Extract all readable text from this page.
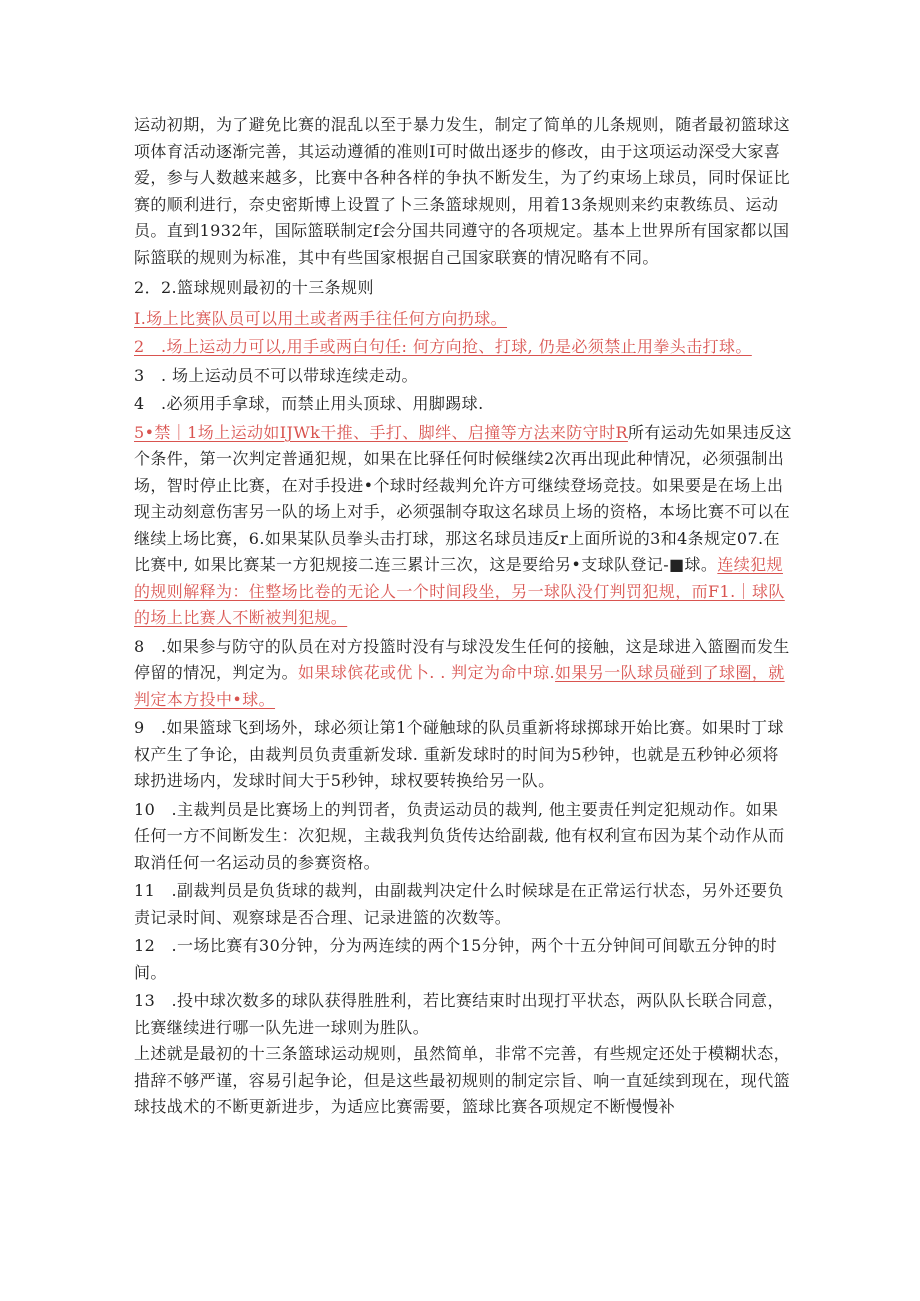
运动初期，为了避免比赛的混乱以至于暴力发生，制定了简单的儿条规则，随者最初篮球这项体育活动逐渐完善，其运动遵循的准则I可时做出逐步的修改，由于这项运动深受大家喜爱，参与人数越来越多，比赛中各种各样的争执不断发生，为了约束场上球员，同时保证比赛的顺利进行，奈史密斯博上设置了卜三条篮球规则，用着13条规则来约束教练员、运动员。直到1932年，国际篮联制定f会分国共同遵守的各项规定。基本上世界所有国家都以国际篮联的规则为标准，其中有些国家根据自己国家联赛的情况略有不同。

2．2.篮球规则最初的十三条规则

I.场上比赛队员可以用土或者两手往任何方向扔球。

2　.场上运动力可以,用手或两白句任: 何方向抢、打球, 仍是必须禁止用拳头击打球。

3　. 场上运动员不可以带球连续走动。

4　.必须用手拿球，而禁止用头顶球、用脚踢球.

5•禁｜1场上运动如IJWk干推、手打、脚绊、启撞等方法来防守时R所有运动先如果违反这个条件，第一次判定普通犯规，如果在比驿任何时候继续2次再出现此种情况，必须强制出场，智时停止比赛，在对手投进•个球时经裁判允许方可继续登场竞技。如果要是在场上出现主动刻意伤害另一队的场上对手，必须强制夺取这名球员上场的资格，本场比赛不可以在继续上场比赛，6.如果某队员拳头击打球，那这名球员违反r上面所说的3和4条规定07.在比赛中, 如果比赛某一方犯规接二连三累计三次，这是要给另•支球队登记-■球。连续犯规的规则解释为：住整场比卷的无论人一个时间段坐，另一球队没仃判罚犯规，而F1.｜球队的场上比赛人不断被判犯规。

8　.如果参与防守的队员在对方投篮时没有与球没发生任何的接触，这是球进入篮圈而发生停留的情况，判定为。如果球傧花或优卜. . 判定为命中琼.如果另一队球员碰到了球圈，就判定本方投中•球。

9　.如果篮球飞到场外，球必须让第1个碰触球的队员重新将球掷球开始比赛。如果时丁球权产生了争论，由裁判员负责重新发球. 重新发球时的时间为5秒钟，也就是五秒钟必须将球扔进场内，发球时间大于5秒钟，球权要转换给另一队。

10　.主裁判员是比赛场上的判罚者，负责运动员的裁判, 他主要责任判定犯规动作。如果任何一方不间断发生：次犯规，主裁我判负货传达给副裁, 他有权利宣布因为某个动作从而取消任何一名运动员的参赛资格。

11　.副裁判员是负货球的裁判，由副裁判决定什么时候球是在正常运行状态，另外还要负责记录时间、观察球是否合理、记录进篮的次数等。

12　.一场比赛有30分钟，分为两连续的两个15分钟，两个十五分钟间可间歇五分钟的时间。

13　.投中球次数多的球队获得胜胜利，若比赛结束时出现打平状态，两队队长联合同意，比赛继续进行哪一队先进一球则为胜队。

上述就是最初的十三条篮球运动规则，虽然简单，非常不完善，有些规定还处于模糊状态，措辞不够严谨，容易引起争论，但是这些最初规则的制定宗旨、响一直延续到现在，现代篮球技战术的不断更新进步，为适应比赛需要，篮球比赛各项规定不断慢慢补
